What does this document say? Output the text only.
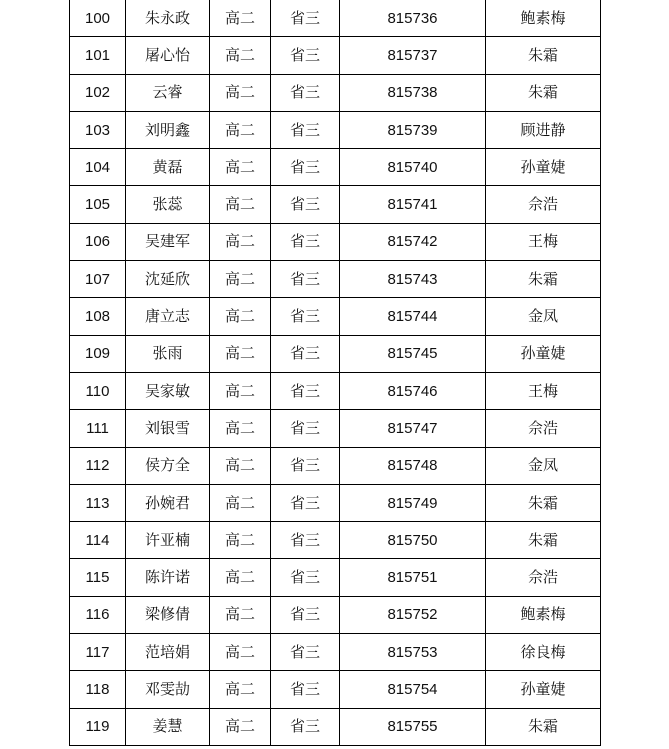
100	朱永政	高二	省三	815736	鲍素梅
101	屠心怡	高二	省三	815737	朱霜
102	云睿	高二	省三	815738	朱霜
103	刘明鑫	高二	省三	815739	顾进静
104	黄磊	高二	省三	815740	孙童婕
105	张蕊	高二	省三	815741	佘浩
106	吴建军	高二	省三	815742	王梅
107	沈延欣	高二	省三	815743	朱霜
108	唐立志	高二	省三	815744	金凤
109	张雨	高二	省三	815745	孙童婕
110	吴家敏	高二	省三	815746	王梅
111	刘银雪	高二	省三	815747	佘浩
112	侯方全	高二	省三	815748	金凤
113	孙婉君	高二	省三	815749	朱霜
114	许亚楠	高二	省三	815750	朱霜
115	陈许诺	高二	省三	815751	佘浩
116	梁修倩	高二	省三	815752	鲍素梅
117	范培娟	高二	省三	815753	徐良梅
118	邓雯劼	高二	省三	815754	孙童婕
119	姜慧	高二	省三	815755	朱霜
